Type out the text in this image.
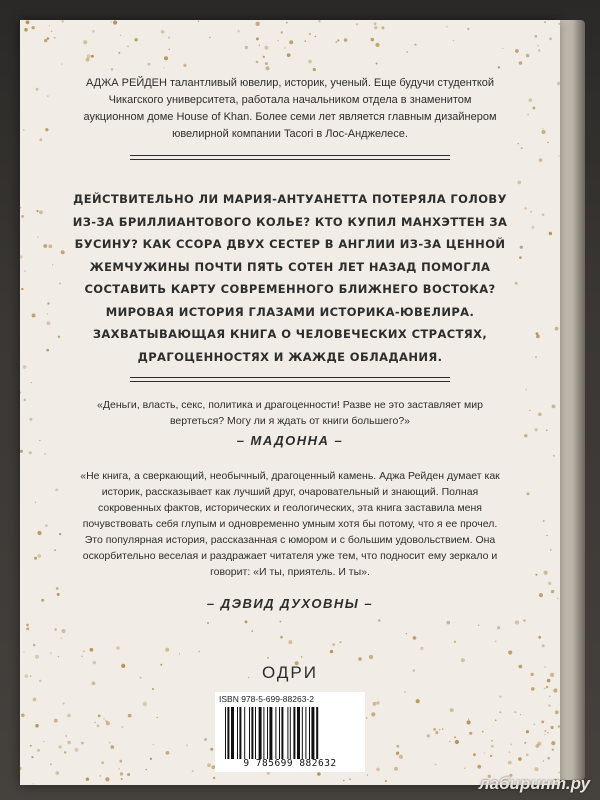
АДЖА РЕЙДЕН талантливый ювелир, историк, ученый. Еще будучи студенткой Чикагского университета, работала начальником отдела в знаменитом аукционном доме House of Khan. Более семи лет является главным дизайнером ювелирной компании Tacori в Лос-Анджелесе.
ДЕЙСТВИТЕЛЬНО ЛИ МАРИЯ-АНТУАНЕТТА ПОТЕРЯЛА ГОЛОВУ ИЗ-ЗА БРИЛЛИАНТОВОГО КОЛЬЕ? КТО КУПИЛ МАНХЭТТЕН ЗА БУСИНУ? КАК ССОРА ДВУХ СЕСТЕР В АНГЛИИ ИЗ-ЗА ЦЕННОЙ ЖЕМЧУЖИНЫ ПОЧТИ ПЯТЬ СОТЕН ЛЕТ НАЗАД ПОМОГЛА СОСТАВИТЬ КАРТУ СОВРЕМЕННОГО БЛИЖНЕГО ВОСТОКА? МИРОВАЯ ИСТОРИЯ ГЛАЗАМИ ИСТОРИКА-ЮВЕЛИРА. ЗАХВАТЫВАЮЩАЯ КНИГА О ЧЕЛОВЕЧЕСКИХ СТРАСТЯХ, ДРАГОЦЕННОСТЯХ И ЖАЖДЕ ОБЛАДАНИЯ.
«Деньги, власть, секс, политика и драгоценности! Разве не это заставляет мир вертеться? Могу ли я ждать от книги большего?»
– МАДОННА –
«Не книга, а сверкающий, необычный, драгоценный камень. Аджа Рейден думает как историк, рассказывает как лучший друг, очаровательный и знающий. Полная сокровенных фактов, исторических и геологических, эта книга заставила меня почувствовать себя глупым и одновременно умным хотя бы потому, что я ее прочел. Это популярная история, рассказанная с юмором и с большим удовольствием. Она оскорбительно веселая и раздражает читателя уже тем, что подносит ему зеркало и говорит: «И ты, приятель. И ты».
– ДЭВИД ДУХОВНЫ –
ОДРИ
ISBN 978-5-699-88263-2
9 785699 882632
лабиринт.ру
